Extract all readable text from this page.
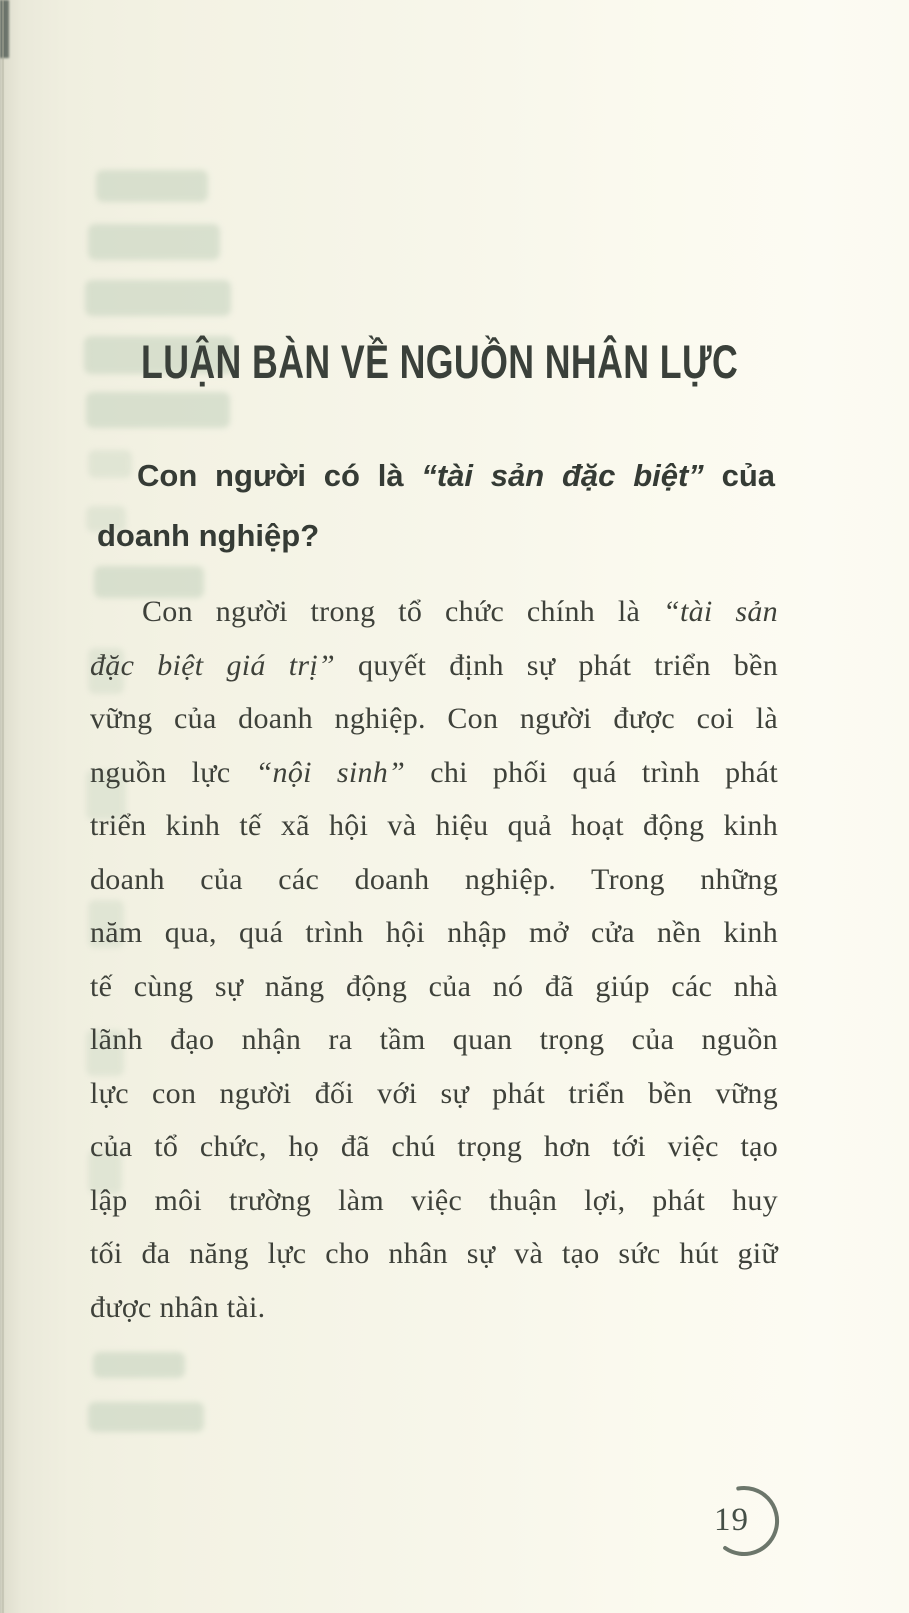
LUẬN BÀN VỀ NGUỒN NHÂN LỰC
Con người có là “tài sản đặc biệt” của
doanh nghiệp?
Con người trong tổ chức chính là “tài sản
đặc biệt giá trị” quyết định sự phát triển bền
vững của doanh nghiệp. Con người được coi là
nguồn lực “nội sinh” chi phối quá trình phát
triển kinh tế xã hội và hiệu quả hoạt động kinh
doanh của các doanh nghiệp. Trong những
năm qua, quá trình hội nhập mở cửa nền kinh
tế cùng sự năng động của nó đã giúp các nhà
lãnh đạo nhận ra tầm quan trọng của nguồn
lực con người đối với sự phát triển bền vững
của tổ chức, họ đã chú trọng hơn tới việc tạo
lập môi trường làm việc thuận lợi, phát huy
tối đa năng lực cho nhân sự và tạo sức hút giữ
được nhân tài.
19
